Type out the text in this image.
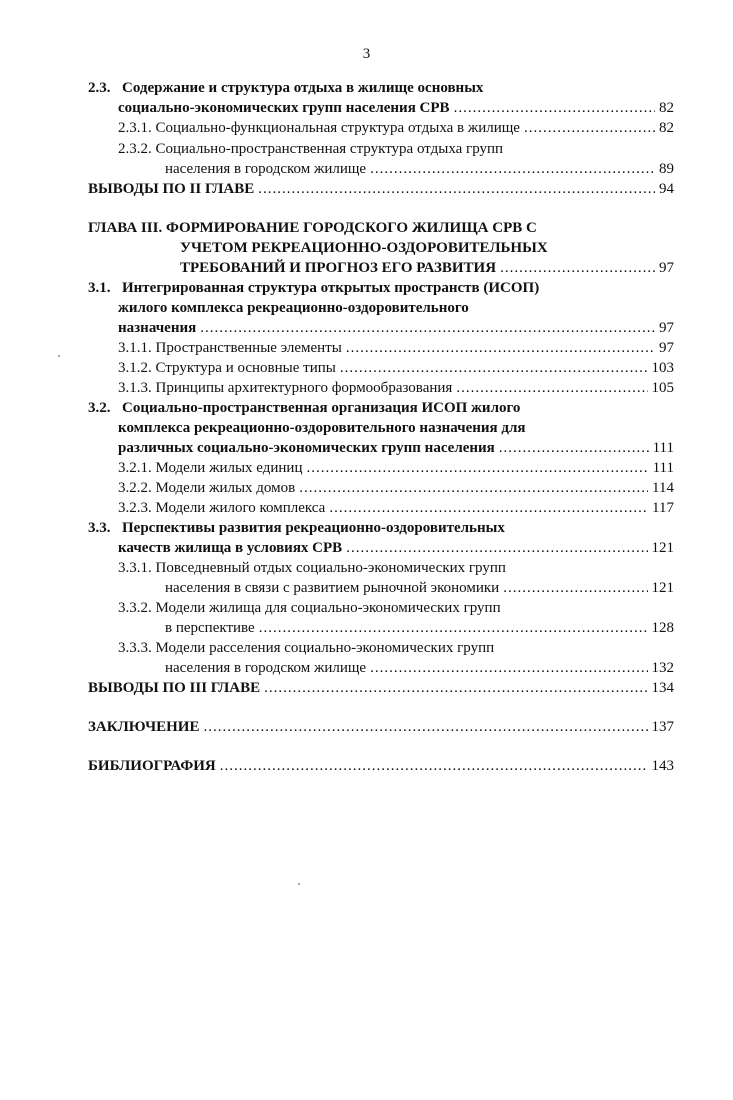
3
2.3. Содержание и структура отдыха в жилище основных
социально-экономических групп населения СРВ .....	82
2.3.1. Социально-функциональная структура отдыха в жилище .....	82
2.3.2. Социально-пространственная структура отдыха групп
населения в городском жилище .....	89
ВЫВОДЫ ПО II ГЛАВЕ .....	94
ГЛАВА III. ФОРМИРОВАНИЕ ГОРОДСКОГО ЖИЛИЩА СРВ С
УЧЕТОМ РЕКРЕАЦИОННО-ОЗДОРОВИТЕЛЬНЫХ
ТРЕБОВАНИЙ И ПРОГНОЗ ЕГО РАЗВИТИЯ .....	97
3.1. Интегрированная структура открытых пространств (ИСОП)
жилого комплекса рекреационно-оздоровительного
назначения .....	97
3.1.1. Пространственные элементы .....	97
3.1.2. Структура и основные типы .....	103
3.1.3. Принципы архитектурного формообразования .....	105
3.2. Социально-пространственная организация ИСОП жилого
комплекса рекреационно-оздоровительного назначения для
различных социально-экономических групп населения .....	111
3.2.1. Модели жилых единиц .....	111
3.2.2. Модели жилых домов .....	114
3.2.3. Модели жилого комплекса .....	117
3.3. Перспективы развития рекреационно-оздоровительных
качеств жилища в условиях СРВ .....	121
3.3.1. Повседневный отдых социально-экономических групп
населения в связи с развитием рыночной экономики .....	121
3.3.2. Модели жилища для социально-экономических групп
в перспективе .....	128
3.3.3. Модели расселения социально-экономических групп
населения в городском жилище .....	132
ВЫВОДЫ ПО III ГЛАВЕ .....	134
ЗАКЛЮЧЕНИЕ .....	137
БИБЛИОГРАФИЯ .....	143
